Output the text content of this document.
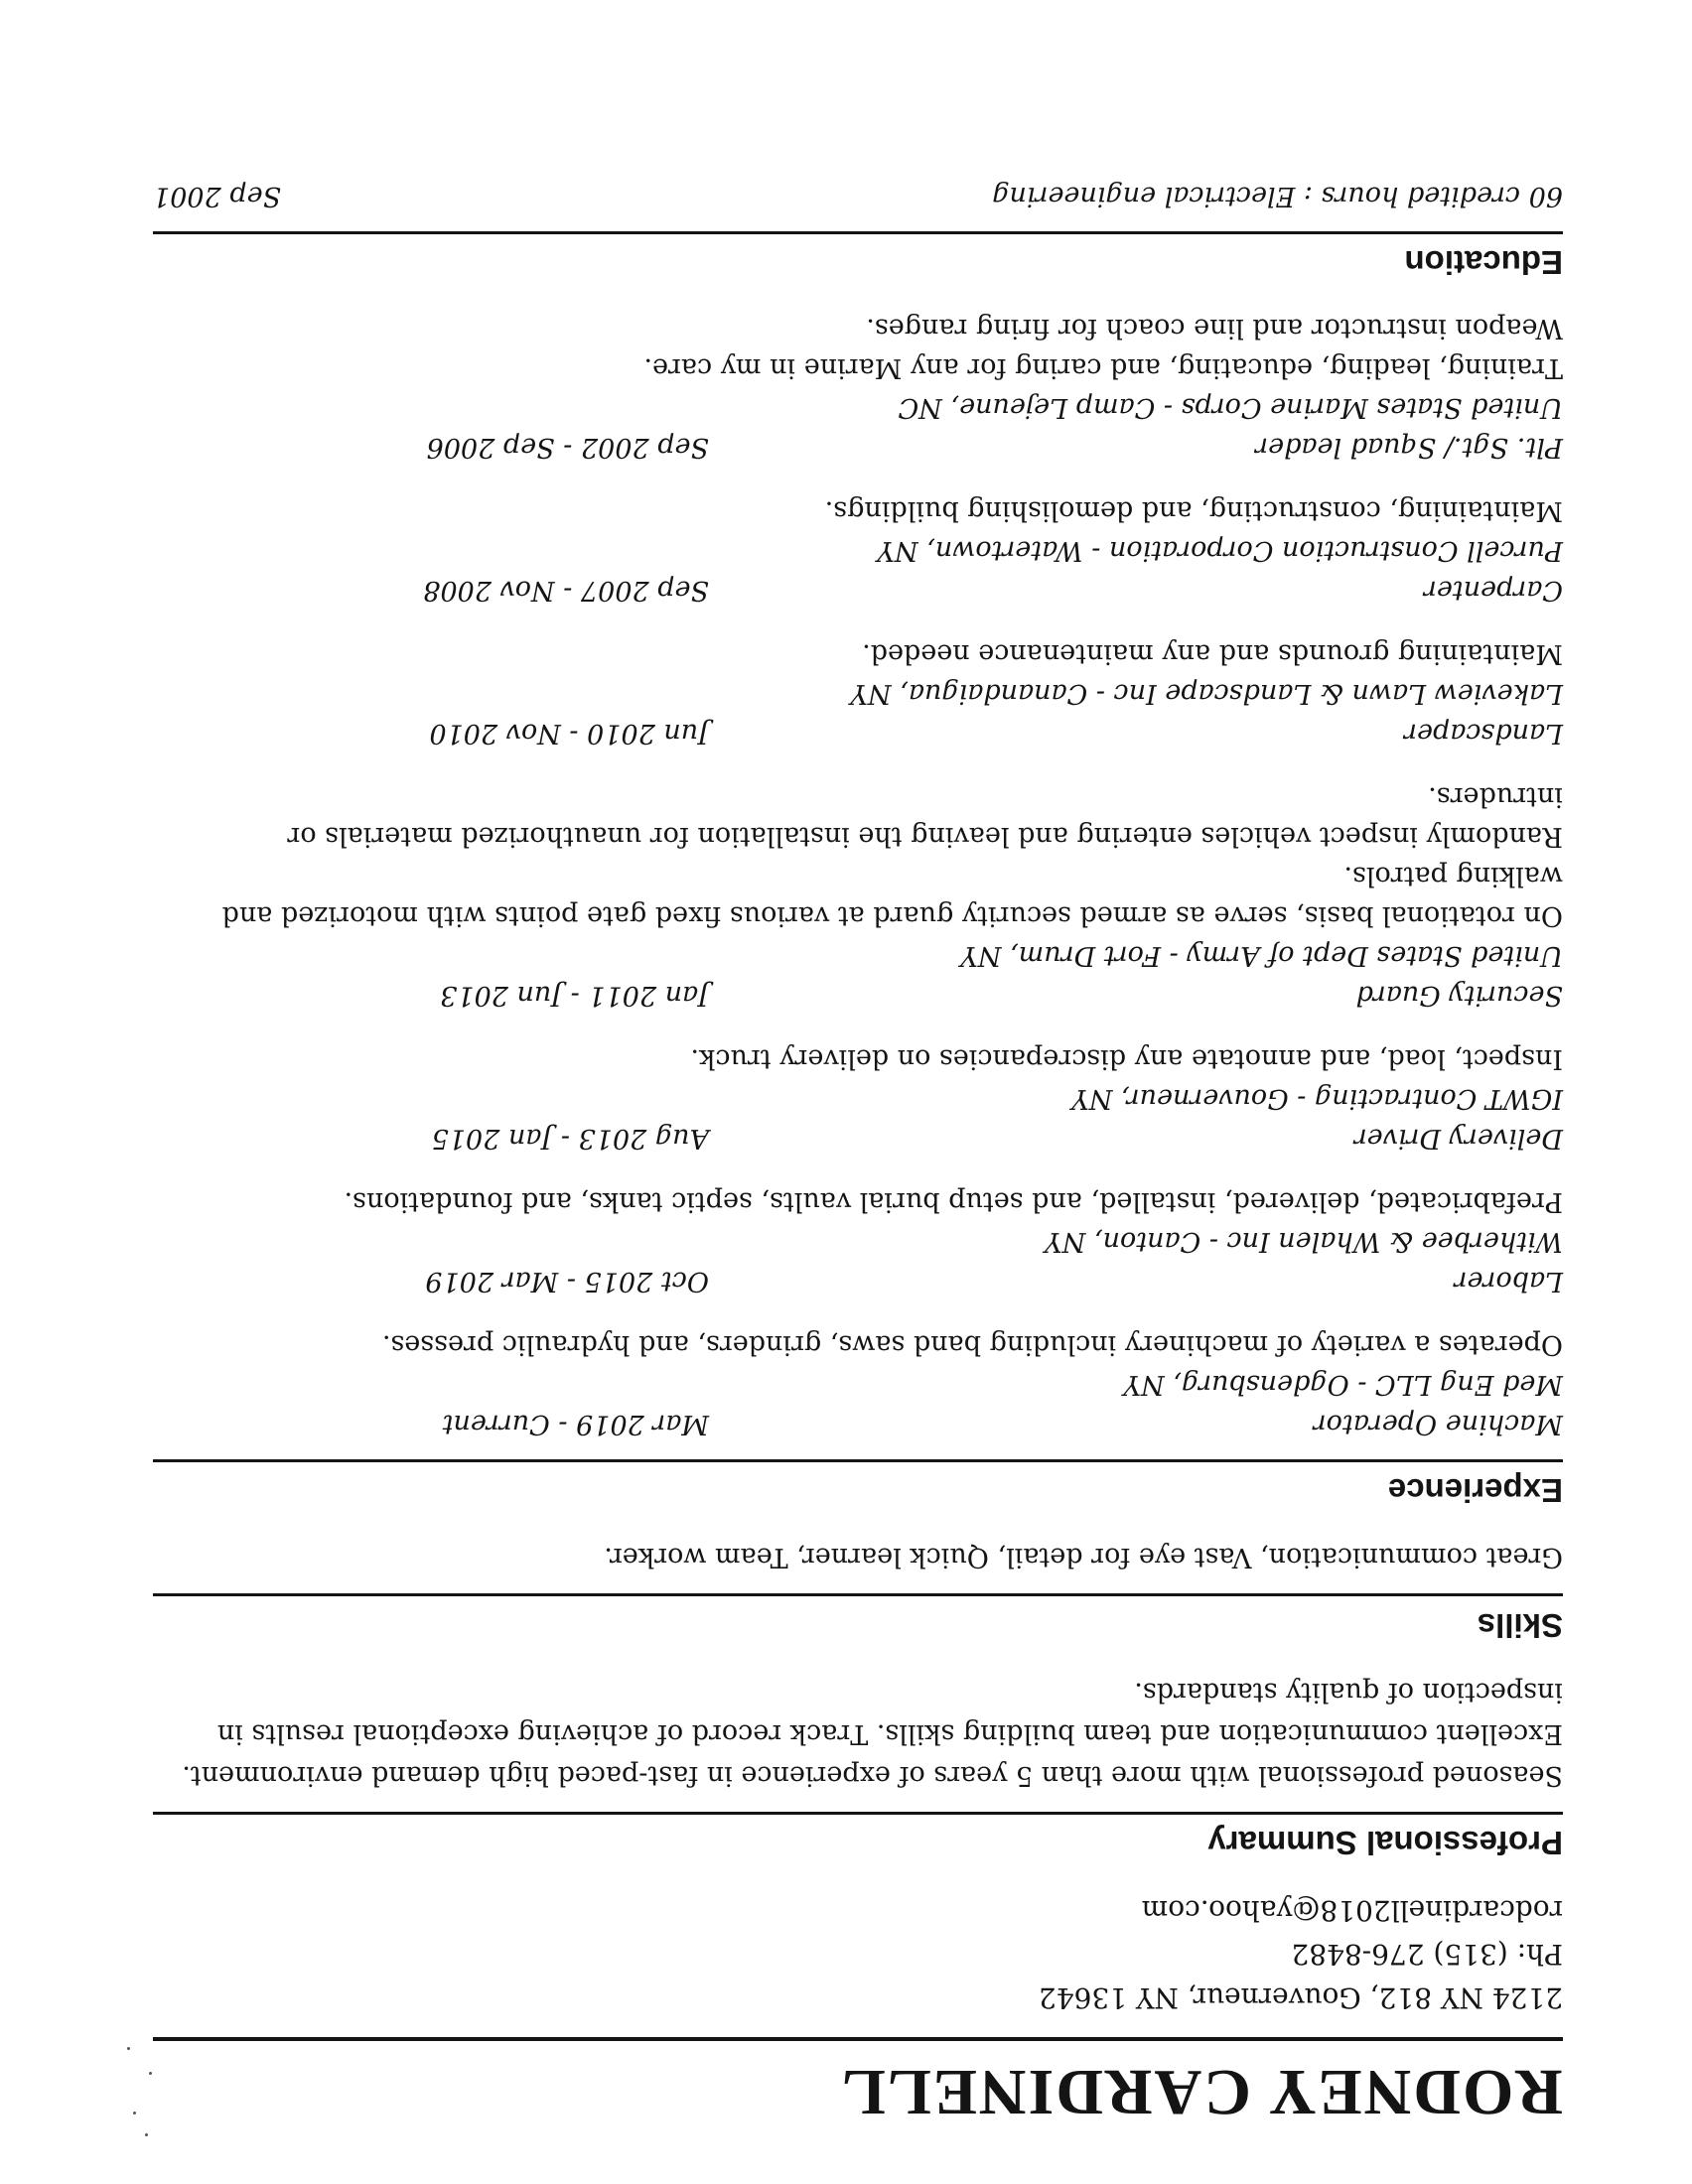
RODNEY CARDINELL
2124 NY 812, Gouverneur, NY 13642
Ph: (315) 276-8482
rodcardinell2018@yahoo.com
Professional Summary
Seasoned professional with more than 5 years of experience in fast-paced high demand environment. Excellent communication and team building skills. Track record of achieving exceptional results in inspection of quality standards.
Skills
Great communication, Vast eye for detail, Quick learner, Team worker.
Experience
Machine Operator
Mar 2019 - Current
Med Eng LLC - Ogdensburg, NY
Operates a variety of machinery including band saws, grinders, and hydraulic presses.
Laborer
Oct 2015 - Mar 2019
Witherbee & Whalen Inc - Canton, NY
Prefabricated, delivered, installed, and setup burial vaults, septic tanks, and foundations.
Delivery Driver
Aug 2013 - Jan 2015
IGWT Contracting - Gouverneur, NY
Inspect, load, and annotate any discrepancies on delivery truck.
Security Guard
Jan 2011 - Jun 2013
United States Dept of Army - Fort Drum, NY
On rotational basis, serve as armed security guard at various fixed gate points with motorized and walking patrols.
Randomly inspect vehicles entering and leaving the installation for unauthorized materials or intruders.
Landscaper
Jun 2010 - Nov 2010
Lakeview Lawn & Landscape Inc - Canandaigua, NY
Maintaining grounds and any maintenance needed.
Carpenter
Sep 2007 - Nov 2008
Purcell Construction Corporation - Watertown, NY
Maintaining, constructing, and demolishing buildings.
Plt. Sgt./ Squad leader
Sep 2002 - Sep 2006
United States Marine Corps - Camp Lejeune, NC
Training, leading, educating, and caring for any Marine in my care.
Weapon instructor and line coach for firing ranges.
Education
60 credited hours : Electrical engineering
Sep 2001
